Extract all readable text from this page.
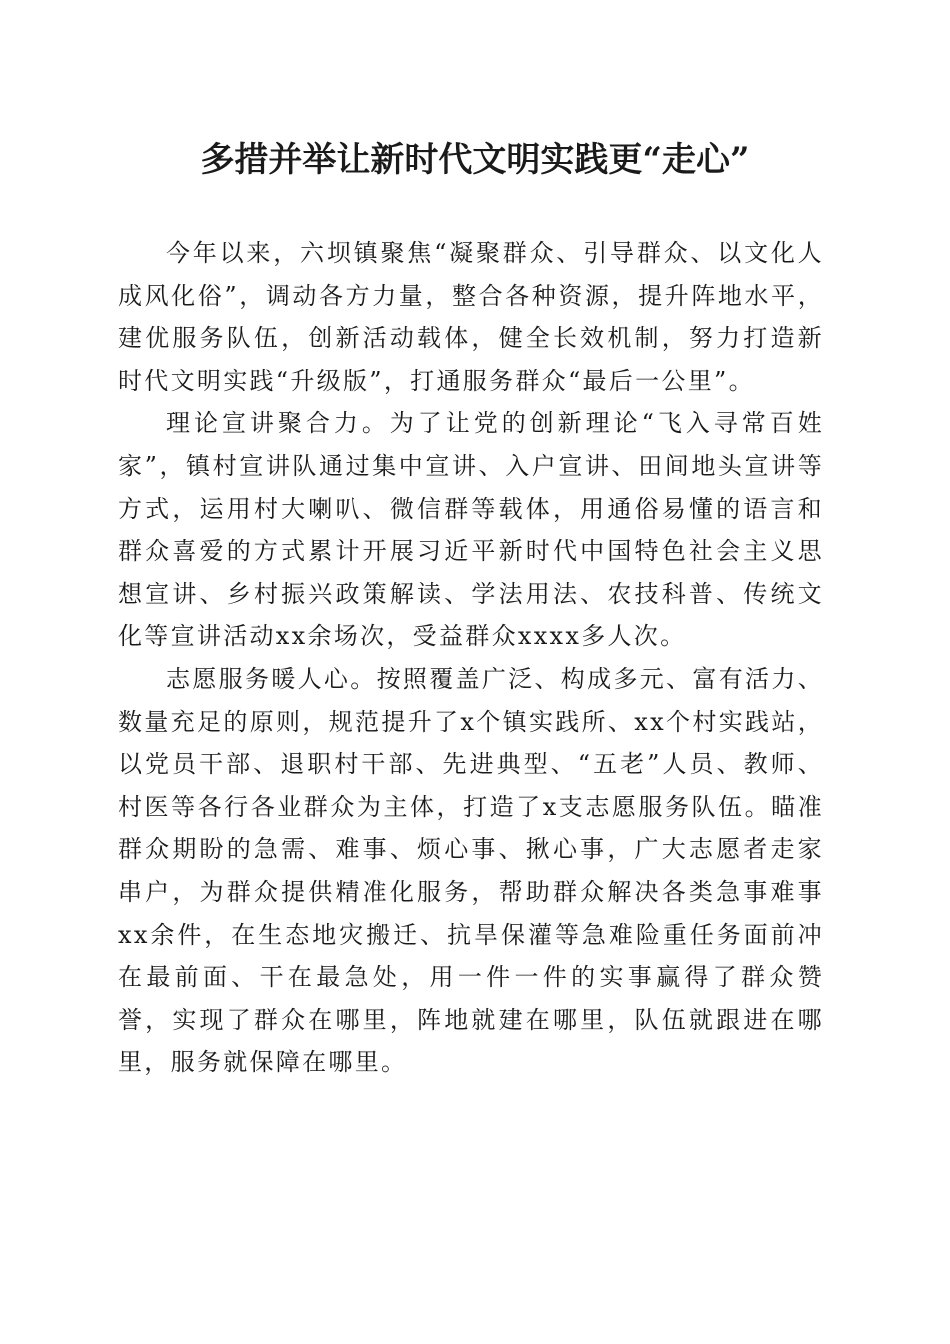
多措并举让新时代文明实践更“走心”

今年以来，六坝镇聚焦“凝聚群众、引导群众、以文化人成风化俗”，调动各方力量，整合各种资源，提升阵地水平，建优服务队伍，创新活动载体，健全长效机制，努力打造新时代文明实践“升级版”，打通服务群众“最后一公里”。

理论宣讲聚合力。为了让党的创新理论“飞入寻常百姓家”，镇村宣讲队通过集中宣讲、入户宣讲、田间地头宣讲等方式，运用村大喇叭、微信群等载体，用通俗易懂的语言和群众喜爱的方式累计开展习近平新时代中国特色社会主义思想宣讲、乡村振兴政策解读、学法用法、农技科普、传统文化等宣讲活动xx余场次，受益群众xxxx多人次。

志愿服务暖人心。按照覆盖广泛、构成多元、富有活力、数量充足的原则，规范提升了x个镇实践所、xx个村实践站，以党员干部、退职村干部、先进典型、“五老”人员、教师、村医等各行各业群众为主体，打造了x支志愿服务队伍。瞄准群众期盼的急需、难事、烦心事、揪心事，广大志愿者走家串户，为群众提供精准化服务，帮助群众解决各类急事难事xx余件，在生态地灾搬迁、抗旱保灌等急难险重任务面前冲在最前面、干在最急处，用一件一件的实事赢得了群众赞誉，实现了群众在哪里，阵地就建在哪里，队伍就跟进在哪里，服务就保障在哪里。
